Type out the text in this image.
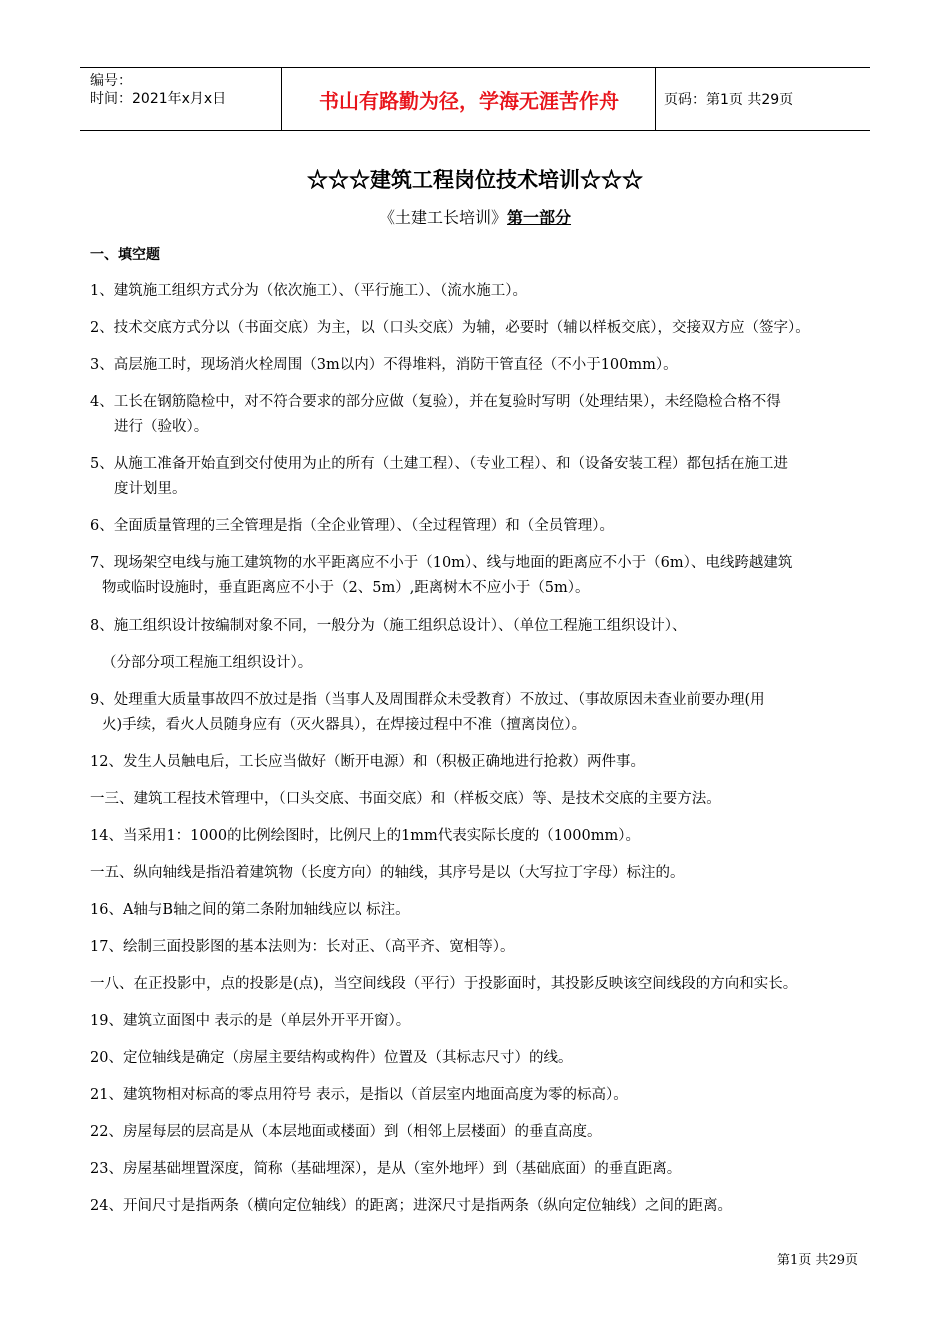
编号：
时间：2021年x月x日	书山有路勤为径，学海无涯苦作舟	页码：第1页 共29页
☆☆☆建筑工程岗位技术培训☆☆☆
《土建工长培训》第一部分
一、填空题
1、建筑施工组织方式分为（依次施工）、（平行施工）、（流水施工）。
2、技术交底方式分以（书面交底）为主，以（口头交底）为辅，必要时（辅以样板交底），交接双方应（签字）。
3、高层施工时，现场消火栓周围（3m以内）不得堆料，消防干管直径（不小于100mm）。
4、工长在钢筋隐检中，对不符合要求的部分应做（复验），并在复验时写明（处理结果），未经隐检合格不得
进行（验收）。
5、从施工准备开始直到交付使用为止的所有（土建工程）、（专业工程）、和（设备安装工程）都包括在施工进
度计划里。
6、全面质量管理的三全管理是指（全企业管理）、（全过程管理）和（全员管理）。
7、现场架空电线与施工建筑物的水平距离应不小于（10m）、线与地面的距离应不小于（6m）、电线跨越建筑
物或临时设施时，垂直距离应不小于（2、5m）,距离树木不应小于（5m）。
8、施工组织设计按编制对象不同，一般分为（施工组织总设计）、（单位工程施工组织设计）、
（分部分项工程施工组织设计）。
9、处理重大质量事故四不放过是指（当事人及周围群众未受教育）不放过、（事故原因未查业前要办理(用
火)手续，看火人员随身应有（灭火器具），在焊接过程中不准（擅离岗位）。
12、发生人员触电后，工长应当做好（断开电源）和（积极正确地进行抢救）两件事。
一三、建筑工程技术管理中，（口头交底、书面交底）和（样板交底）等、是技术交底的主要方法。
14、当采用1：1000的比例绘图时，比例尺上的1mm代表实际长度的（1000mm）。
一五、纵向轴线是指沿着建筑物（长度方向）的轴线，其序号是以（大写拉丁字母）标注的。
16、A轴与B轴之间的第二条附加轴线应以 标注。
17、绘制三面投影图的基本法则为：长对正、（高平齐、宽相等）。
一八、在正投影中，点的投影是(点)，当空间线段（平行）于投影面时，其投影反映该空间线段的方向和实长。
19、建筑立面图中 表示的是（单层外开平开窗）。
20、定位轴线是确定（房屋主要结构或构件）位置及（其标志尺寸）的线。
21、建筑物相对标高的零点用符号 表示，是指以（首层室内地面高度为零的标高）。
22、房屋每层的层高是从（本层地面或楼面）到（相邻上层楼面）的垂直高度。
23、房屋基础埋置深度，简称（基础埋深），是从（室外地坪）到（基础底面）的垂直距离。
24、开间尺寸是指两条（横向定位轴线）的距离；进深尺寸是指两条（纵向定位轴线）之间的距离。
第1页 共29页
